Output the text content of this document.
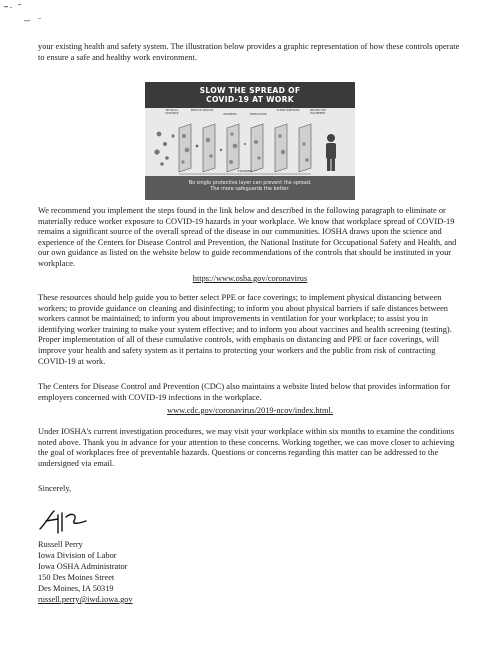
your existing health and safety system. The illustration below provides a graphic representation of how these controls operate to ensure a safe and healthy work environment.

SLOW THE SPREAD OF
COVID-19 AT WORK
PHYSICAL DISTANCE
REDUCE GROUPS
BARRIERS	VENTILATION
CLEAN SURFACES	PROTECTIVE EQUIPMENT
TRAINING
No single protective layer can prevent the spread.
The more safeguards the better.

We recommend you implement the steps found in the link below and described in the following paragraph to eliminate or materially reduce worker exposure to COVID-19 hazards in your workplace. We know that workplace spread of COVID-19 remains a significant source of the overall spread of the disease in our communities. IOSHA draws upon the science and experience of the Centers for Disease Control and Prevention, the National Institute for Occupational Safety and Health, and our own guidance as listed on the website below to guide recommendations of the controls that should be instituted in your workplace.

https://www.osha.gov/coronavirus

These resources should help guide you to better select PPE or face coverings; to implement physical distancing between workers; to provide guidance on cleaning and disinfecting; to inform you about physical barriers if safe distances between workers cannot be maintained; to inform you about improvements in ventilation for your workplace; to assist you in identifying worker training to make your system effective; and to inform you about vaccines and health screening (testing). Proper implementation of all of these cumulative controls, with emphasis on distancing and PPE or face coverings, will improve your health and safety system as it pertains to protecting your workers and the public from risk of contracting COVID-19 at work.

The Centers for Disease Control and Prevention (CDC) also maintains a website listed below that provides information for employers concerned with COVID-19 infections in the workplace.

www.cdc.gov/coronavirus/2019-ncov/index.html.

Under IOSHA's current investigation procedures, we may visit your workplace within six months to examine the conditions noted above. Thank you in advance for your attention to these concerns. Working together, we can move closer to achieving the goal of workplaces free of preventable hazards. Questions or concerns regarding this matter can be addressed to the undersigned via email.

Sincerely,
Russell Perry
Iowa Division of Labor
Iowa OSHA Administrator
150 Des Moines Street
Des Moines, IA 50319
russell.perry@iwd.iowa.gov
